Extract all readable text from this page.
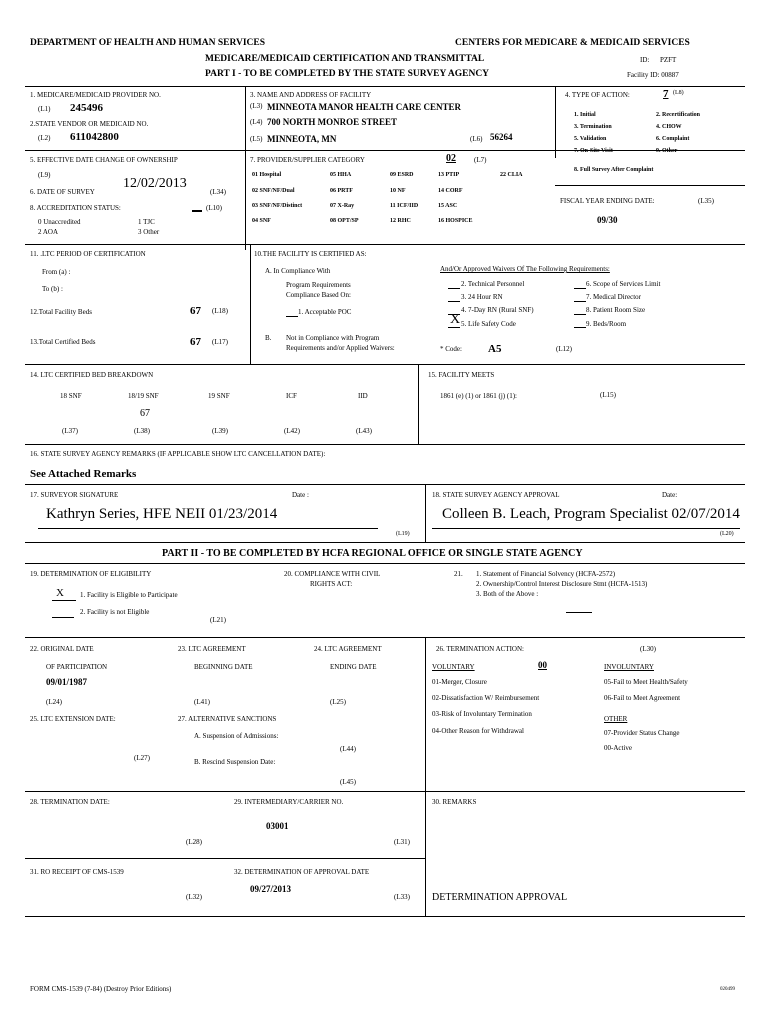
DEPARTMENT OF HEALTH AND HUMAN SERVICES	CENTERS FOR MEDICARE & MEDICAID SERVICES
MEDICARE/MEDICAID CERTIFICATION AND TRANSMITTAL	ID: PZFT
PART I - TO BE COMPLETED BY THE STATE SURVEY AGENCY	Facility ID: 00887
1. MEDICARE/MEDICAID PROVIDER NO.
(L1) 245496
2.STATE VENDOR OR MEDICAID NO.
(L2) 611042800
3. NAME AND ADDRESS OF FACILITY
(L3) MINNEOTA MANOR HEALTH CARE CENTER
(L4) 700 NORTH MONROE STREET
(L5) MINNEOTA, MN	(L6) 56264
4. TYPE OF ACTION:	7 (L8)
1. Initial	2. Recertification
3. Termination	4. CHOW
5. Validation	6. Complaint
7. On-Site Visit	9. Other
8. Full Survey After Complaint
5. EFFECTIVE DATE CHANGE OF OWNERSHIP
(L9)
6. DATE OF SURVEY
12/02/2013
(L34)
8. ACCREDITATION STATUS:	(L10)
0 Unaccredited	1 TJC
2 AOA	3 Other
7. PROVIDER/SUPPLIER CATEGORY	02	(L7)
01 Hospital	05 HHA	09 ESRD	13 PTIP	22 CLIA
02 SNF/NF/Dual	06 PRTF	10 NF	14 CORF
03 SNF/NF/Distinct	07 X-Ray	11 ICF/IID	15 ASC
04 SNF	08 OPT/SP	12 RHC	16 HOSPICE
FISCAL YEAR ENDING DATE:	(L35)
09/30
11. .LTC PERIOD OF CERTIFICATION
From (a) :
To (b) :
12.Total Facility Beds	67 (L18)
13.Total Certified Beds	67 (L17)
10.THE FACILITY IS CERTIFIED AS:
A. In Compliance With
Program Requirements
Compliance Based On:
1. Acceptable POC
B. Not in Compliance with Program
Requirements and/or Applied Waivers:
And/Or Approved Waivers Of The Following Requirements:
2. Technical Personnel
3. 24 Hour RN
4. 7-Day RN (Rural SNF)
X 5. Life Safety Code
6. Scope of Services Limit
7. Medical Director
8. Patient Room Size
9. Beds/Room
* Code: A5	(L12)
14. LTC CERTIFIED BED BREAKDOWN
18 SNF	18/19 SNF	19 SNF	ICF	IID
67
(L37)	(L38)	(L39)	(L42)	(L43)
15. FACILITY MEETS
1861 (e) (1) or 1861 (j) (1):	(L15)
16. STATE SURVEY AGENCY REMARKS (IF APPLICABLE SHOW LTC CANCELLATION DATE):
See Attached Remarks
17. SURVEYOR SIGNATURE	Date :
Kathryn Series, HFE NEII 01/23/2014
(L19)
18. STATE SURVEY AGENCY APPROVAL	Date:
Colleen B. Leach, Program Specialist 02/07/2014
(L20)
PART II - TO BE COMPLETED BY HCFA REGIONAL OFFICE OR SINGLE STATE AGENCY
19. DETERMINATION OF ELIGIBILITY
X 1. Facility is Eligible to Participate
2. Facility is not Eligible
(L21)
20. COMPLIANCE WITH CIVIL
RIGHTS ACT:
21. 1. Statement of Financial Solvency (HCFA-2572)
2. Ownership/Control Interest Disclosure Stmt (HCFA-1513)
3. Both of the Above :
22. ORIGINAL DATE
OF PARTICIPATION
09/01/1987
(L24)
23. LTC AGREEMENT
BEGINNING DATE
(L41)
24. LTC AGREEMENT
ENDING DATE
(L25)
26. TERMINATION ACTION:	(L30)
00
VOLUNTARY
01-Merger, Closure
02-Dissatisfaction W/ Reimbursement
03-Risk of Involuntary Termination
04-Other Reason for Withdrawal
INVOLUNTARY
05-Fail to Meet Health/Safety
06-Fail to Meet Agreement
OTHER
07-Provider Status Change
00-Active
25. LTC EXTENSION DATE:
(L27)
27. ALTERNATIVE SANCTIONS
A. Suspension of Admissions:
(L44)
B. Rescind Suspension Date:
(L45)
28. TERMINATION DATE:
(L28)
29. INTERMEDIARY/CARRIER NO.
03001
(L31)
30. REMARKS
31. RO RECEIPT OF CMS-1539
(L32)
32. DETERMINATION OF APPROVAL DATE
09/27/2013
(L33) DETERMINATION APPROVAL
FORM CMS-1539 (7-84) (Destroy Prior Editions)	020499
